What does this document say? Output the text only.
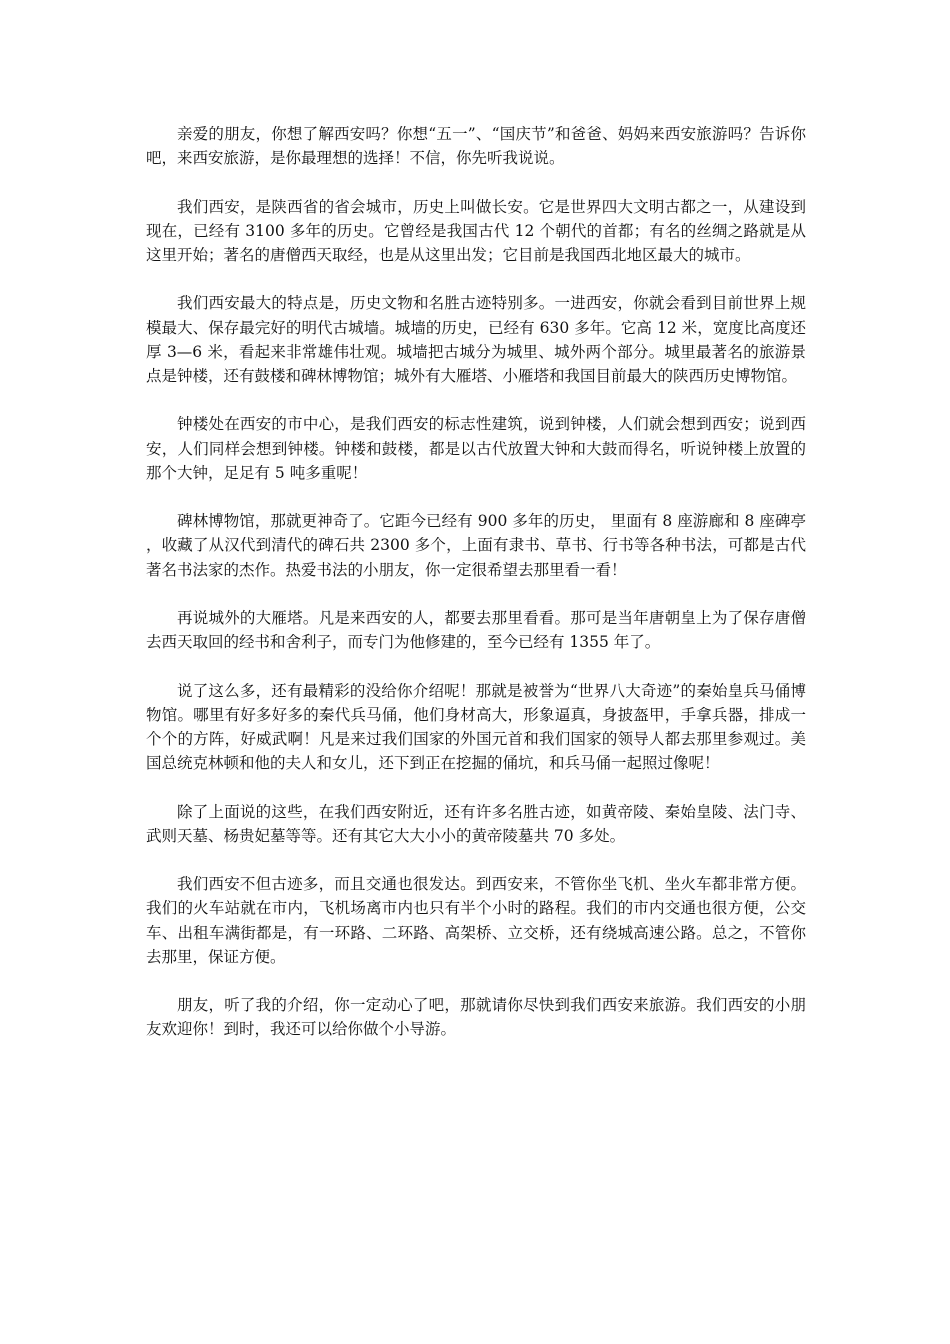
亲爱的朋友，你想了解西安吗？你想“五一”、“国庆节”和爸爸、妈妈来西安旅游吗？告诉你吧，来西安旅游，是你最理想的选择！不信，你先听我说说。

我们西安，是陕西省的省会城市，历史上叫做长安。它是世界四大文明古都之一，从建设到现在，已经有 3100 多年的历史。它曾经是我国古代 12 个朝代的首都；有名的丝绸之路就是从这里开始；著名的唐僧西天取经，也是从这里出发；它目前是我国西北地区最大的城市。

我们西安最大的特点是，历史文物和名胜古迹特别多。一进西安，你就会看到目前世界上规模最大、保存最完好的明代古城墙。城墙的历史，已经有 630 多年。它高 12 米，宽度比高度还厚 3—6 米，看起来非常雄伟壮观。城墙把古城分为城里、城外两个部分。城里最著名的旅游景点是钟楼，还有鼓楼和碑林博物馆；城外有大雁塔、小雁塔和我国目前最大的陕西历史博物馆。

钟楼处在西安的市中心，是我们西安的标志性建筑，说到钟楼，人们就会想到西安；说到西安，人们同样会想到钟楼。钟楼和鼓楼，都是以古代放置大钟和大鼓而得名，听说钟楼上放置的那个大钟，足足有 5 吨多重呢！

碑林博物馆，那就更神奇了。它距今已经有 900 多年的历史， 里面有 8 座游廊和 8 座碑亭，收藏了从汉代到清代的碑石共 2300 多个，上面有隶书、草书、行书等各种书法，可都是古代著名书法家的杰作。热爱书法的小朋友，你一定很希望去那里看一看！

再说城外的大雁塔。凡是来西安的人，都要去那里看看。那可是当年唐朝皇上为了保存唐僧去西天取回的经书和舍利子，而专门为他修建的，至今已经有 1355 年了。

说了这么多，还有最精彩的没给你介绍呢！那就是被誉为“世界八大奇迹”的秦始皇兵马俑博物馆。哪里有好多好多的秦代兵马俑，他们身材高大，形象逼真，身披盔甲，手拿兵器，排成一个个的方阵，好威武啊！凡是来过我们国家的外国元首和我们国家的领导人都去那里参观过。美国总统克林顿和他的夫人和女儿，还下到正在挖掘的俑坑，和兵马俑一起照过像呢！

除了上面说的这些，在我们西安附近，还有许多名胜古迹，如黄帝陵、秦始皇陵、法门寺、武则天墓、杨贵妃墓等等。还有其它大大小小的黄帝陵墓共 70 多处。

我们西安不但古迹多，而且交通也很发达。到西安来，不管你坐飞机、坐火车都非常方便。我们的火车站就在市内，飞机场离市内也只有半个小时的路程。我们的市内交通也很方便，公交车、出租车满街都是，有一环路、二环路、高架桥、立交桥，还有绕城高速公路。总之，不管你去那里，保证方便。

朋友，听了我的介绍，你一定动心了吧，那就请你尽快到我们西安来旅游。我们西安的小朋友欢迎你！到时，我还可以给你做个小导游。
